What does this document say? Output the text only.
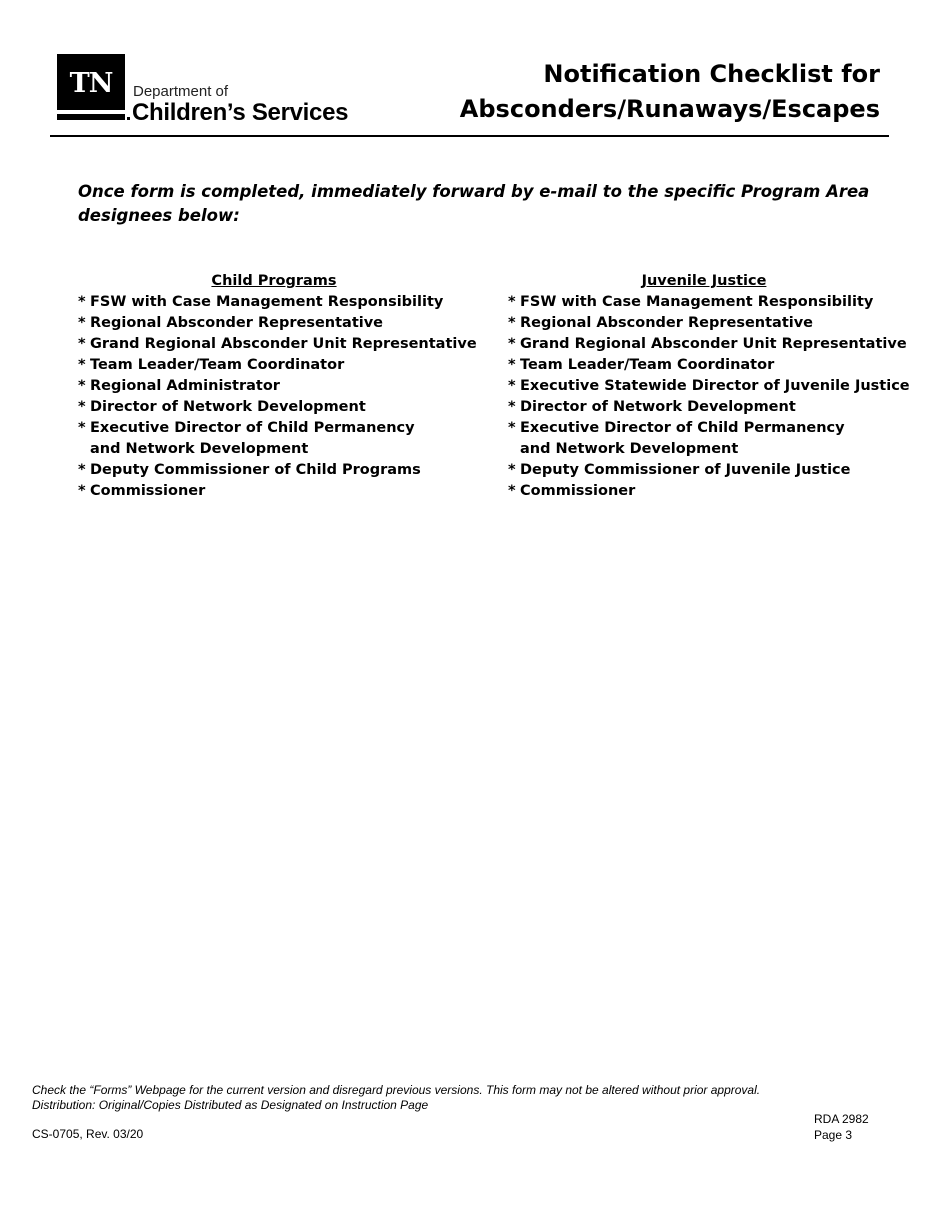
TN	Department of
Children’s Services
Notification Checklist for
Absconders/Runaways/Escapes
Once form is completed, immediately forward by e-mail to the specific Program Area designees below:
Child Programs
* FSW with Case Management Responsibility
* Regional Absconder Representative
* Grand Regional Absconder Unit Representative
* Team Leader/Team Coordinator
* Regional Administrator
* Director of Network Development
* Executive Director of Child Permanency and Network Development
* Deputy Commissioner of Child Programs
* Commissioner
Juvenile Justice
* FSW with Case Management Responsibility
* Regional Absconder Representative
* Grand Regional Absconder Unit Representative
* Team Leader/Team Coordinator
* Executive Statewide Director of Juvenile Justice
* Director of Network Development
* Executive Director of Child Permanency and Network Development
* Deputy Commissioner of Juvenile Justice
* Commissioner
Check the “Forms” Webpage for the current version and disregard previous versions. This form may not be altered without prior approval.
Distribution: Original/Copies Distributed as Designated on Instruction Page
CS-0705, Rev. 03/20
RDA 2982
Page 3
